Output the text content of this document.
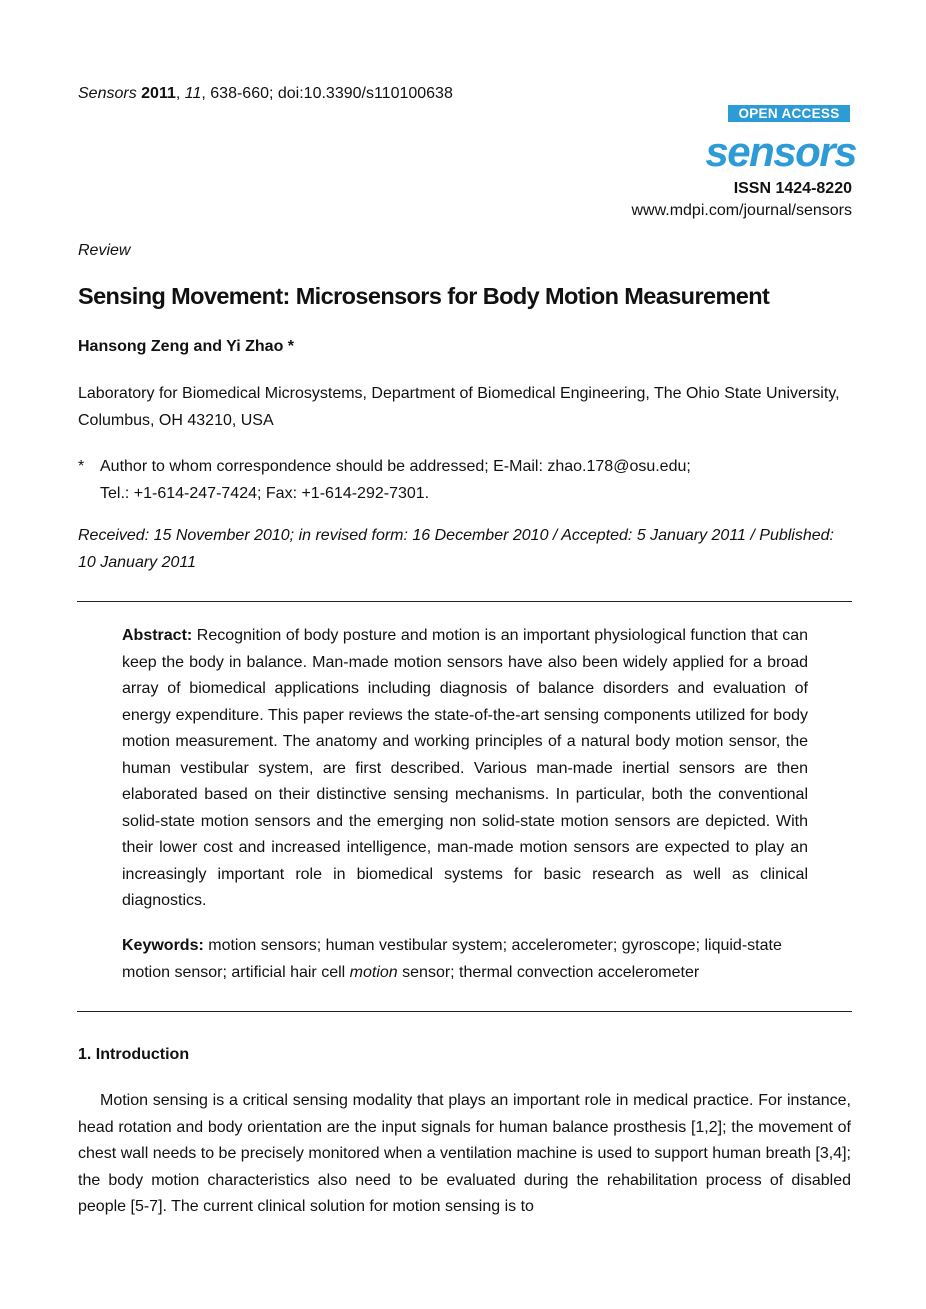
Sensors 2011, 11, 638-660; doi:10.3390/s110100638
OPEN ACCESS
sensors
ISSN 1424-8220
www.mdpi.com/journal/sensors
Review
Sensing Movement: Microsensors for Body Motion Measurement
Hansong Zeng and Yi Zhao *
Laboratory for Biomedical Microsystems, Department of Biomedical Engineering, The Ohio State University, Columbus, OH 43210, USA
* Author to whom correspondence should be addressed; E-Mail: zhao.178@osu.edu;
Tel.: +1-614-247-7424; Fax: +1-614-292-7301.
Received: 15 November 2010; in revised form: 16 December 2010 / Accepted: 5 January 2011 / Published: 10 January 2011
Abstract: Recognition of body posture and motion is an important physiological function that can keep the body in balance. Man-made motion sensors have also been widely applied for a broad array of biomedical applications including diagnosis of balance disorders and evaluation of energy expenditure. This paper reviews the state-of-the-art sensing components utilized for body motion measurement. The anatomy and working principles of a natural body motion sensor, the human vestibular system, are first described. Various man-made inertial sensors are then elaborated based on their distinctive sensing mechanisms. In particular, both the conventional solid-state motion sensors and the emerging non solid-state motion sensors are depicted. With their lower cost and increased intelligence, man-made motion sensors are expected to play an increasingly important role in biomedical systems for basic research as well as clinical diagnostics.
Keywords: motion sensors; human vestibular system; accelerometer; gyroscope; liquid-state motion sensor; artificial hair cell motion sensor; thermal convection accelerometer
1. Introduction
Motion sensing is a critical sensing modality that plays an important role in medical practice. For instance, head rotation and body orientation are the input signals for human balance prosthesis [1,2]; the movement of chest wall needs to be precisely monitored when a ventilation machine is used to support human breath [3,4]; the body motion characteristics also need to be evaluated during the rehabilitation process of disabled people [5-7]. The current clinical solution for motion sensing is to
